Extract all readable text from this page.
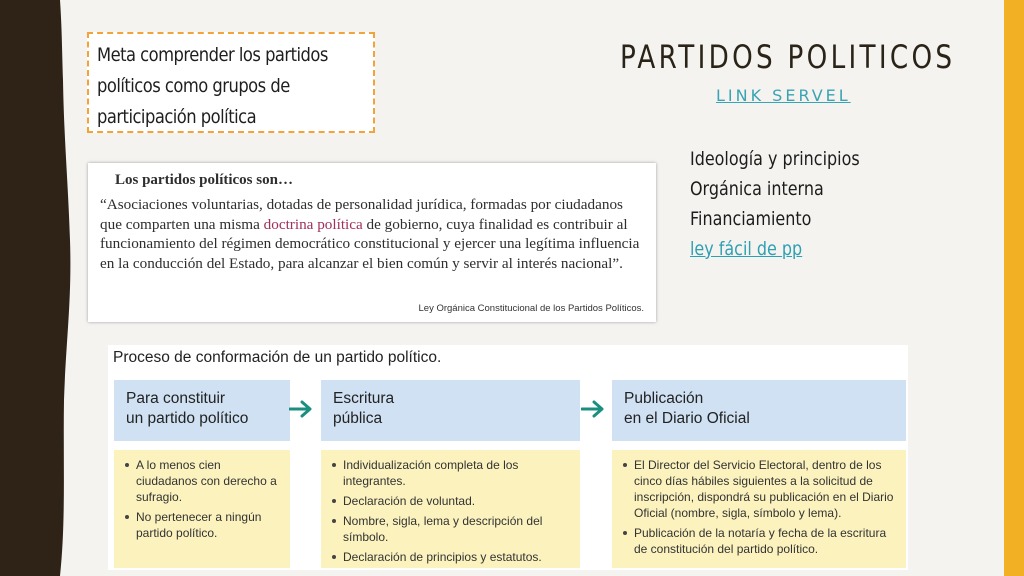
Meta comprender los partidos
políticos como grupos de
participación política
PARTIDOS POLITICOS
LINK SERVEL
Ideología y principios
Orgánica interna
Financiamiento
ley fácil de pp
Los partidos políticos son…
“Asociaciones voluntarias, dotadas de personalidad jurídica, formadas por ciudadanos que comparten una misma doctrina política de gobierno, cuya finalidad es contribuir al funcionamiento del régimen democrático constitucional y ejercer una legítima influencia en la conducción del Estado, para alcanzar el bien común y servir al interés nacional”.
Ley Orgánica Constitucional de los Partidos Políticos.
Proceso de conformación de un partido político.
Para constituir
un partido político
Escritura
pública
Publicación
en el Diario Oficial
A lo menos cien ciudadanos con derecho a sufragio.
No pertenecer a ningún partido político.
Individualización completa de los integrantes.
Declaración de voluntad.
Nombre, sigla, lema y descripción del símbolo.
Declaración de principios y estatutos.
El Director del Servicio Electoral, dentro de los cinco días hábiles siguientes a la solicitud de inscripción, dispondrá su publicación en el Diario Oficial (nombre, sigla, símbolo y lema).
Publicación de la notaría y fecha de la escritura de constitución del partido político.
